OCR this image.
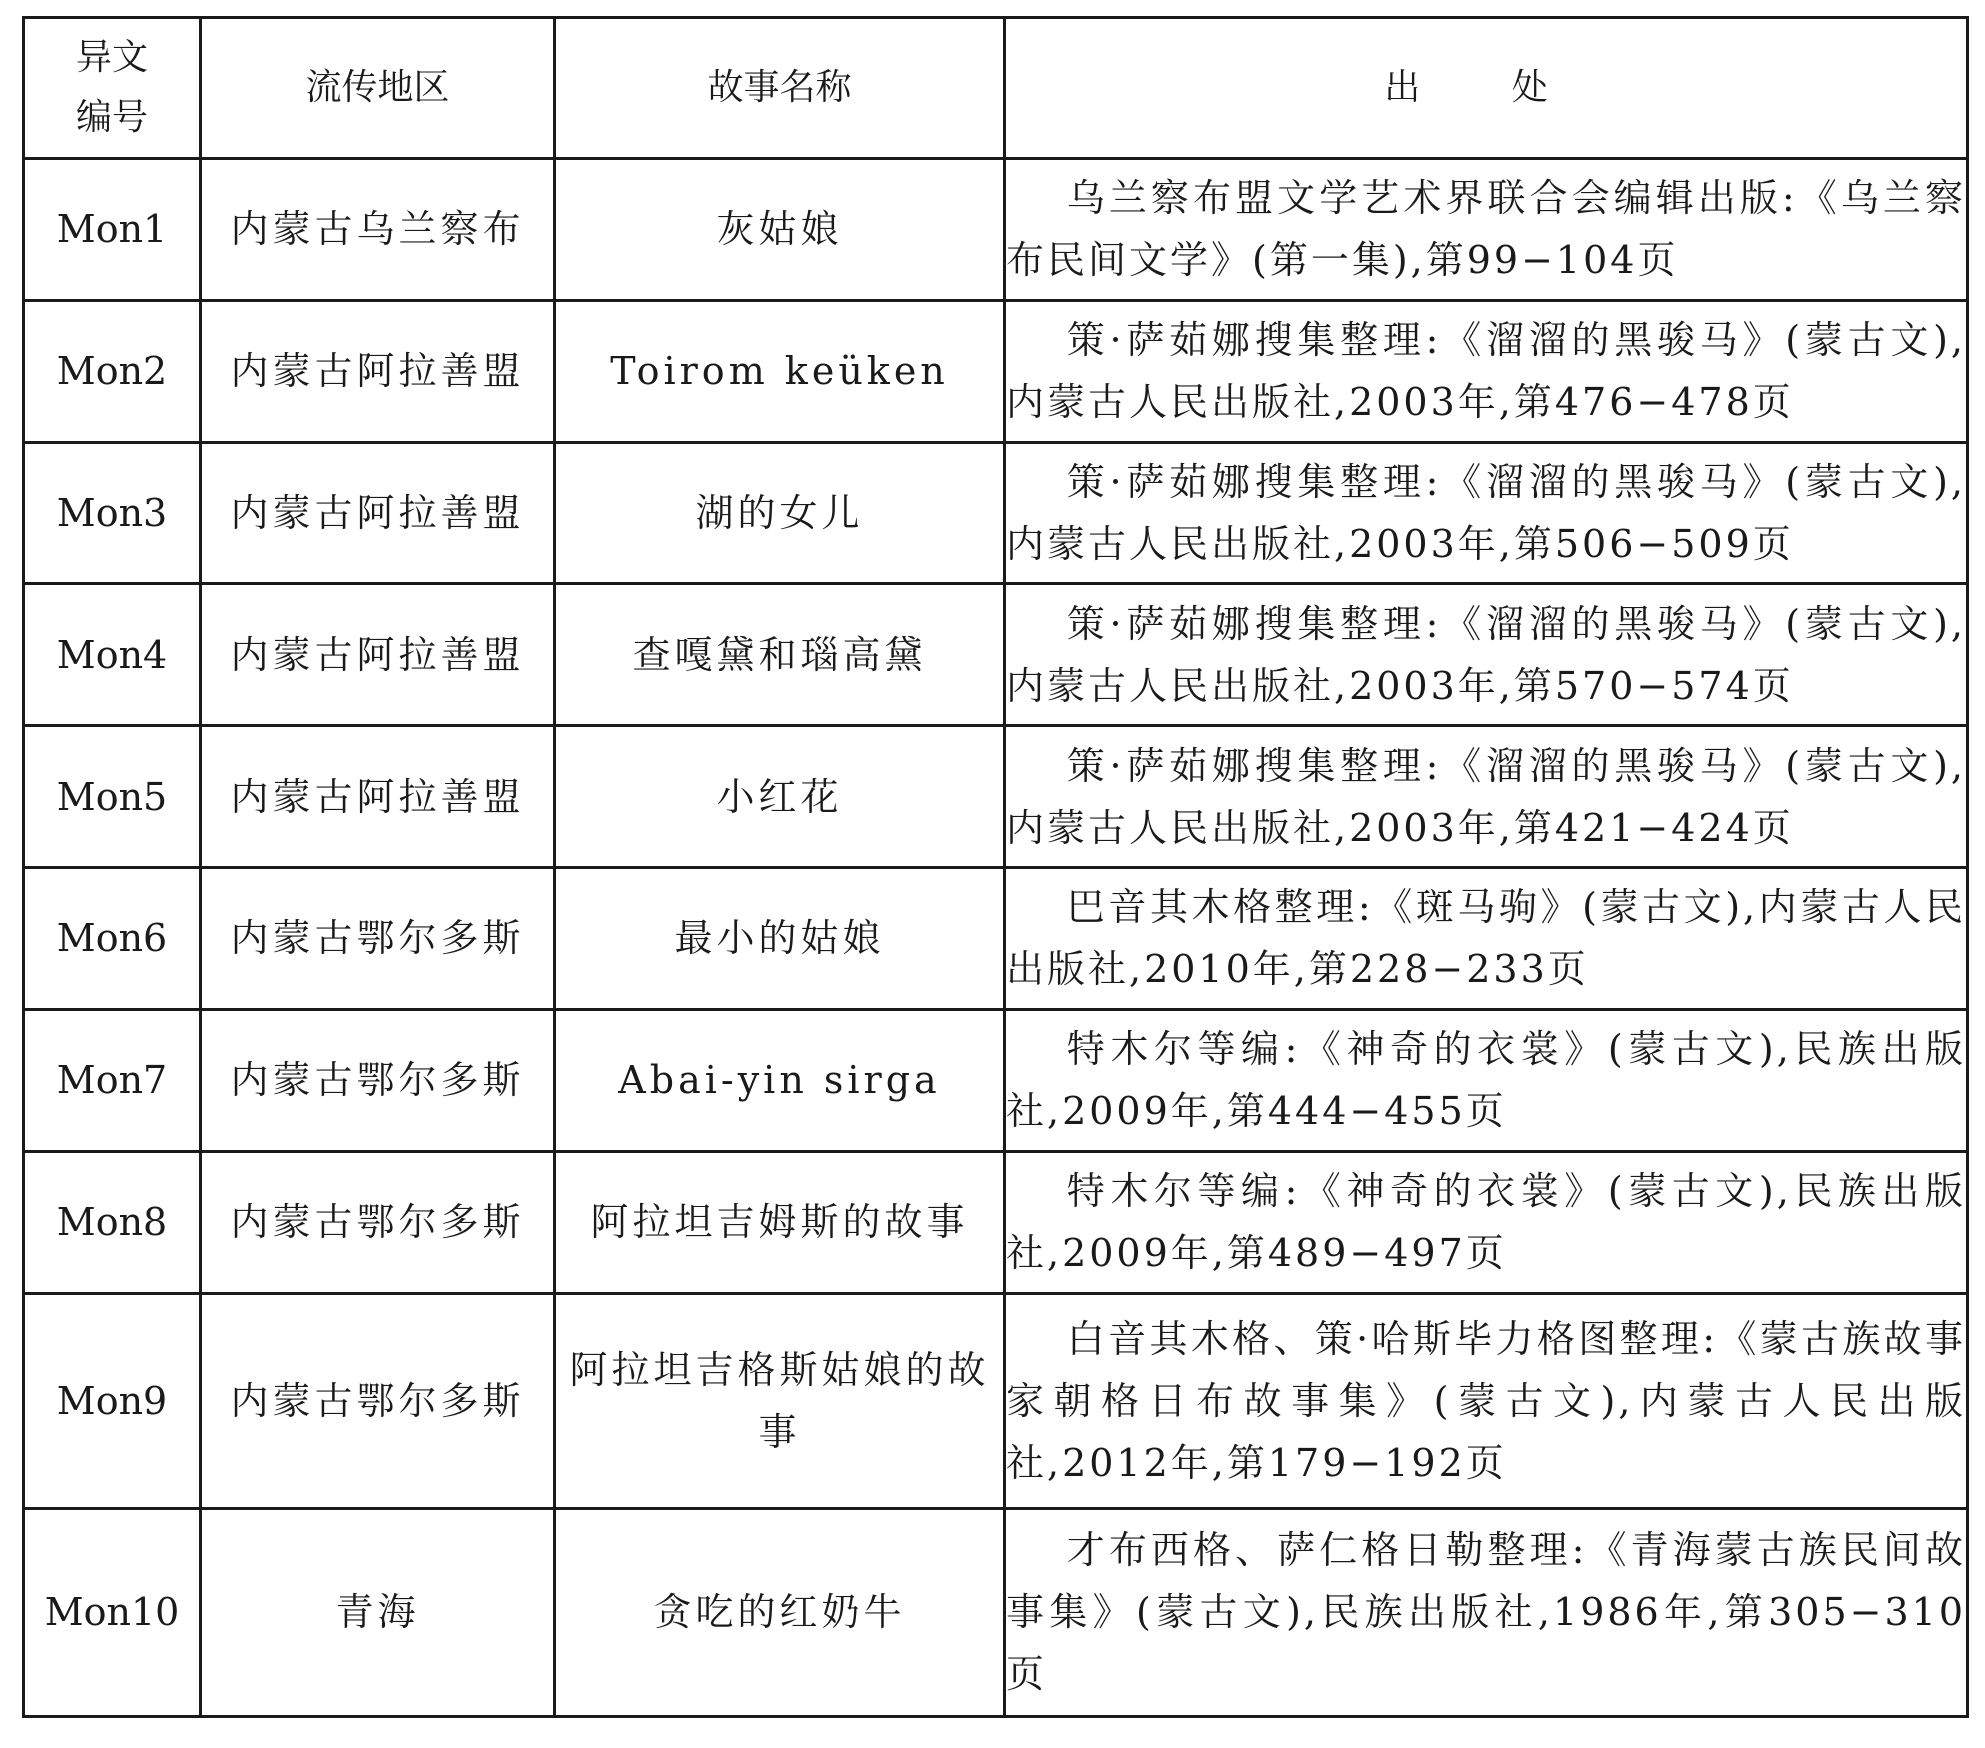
异文
编号	流传地区	故事名称	出 处
Mon1	内蒙古乌兰察布	灰姑娘	乌兰察布盟文学艺术界联合会编辑出版:《乌兰察布民间文学》(第一集),第99−104页
Mon2	内蒙古阿拉善盟	Toirom keüken	策·萨茹娜搜集整理:《溜溜的黑骏马》(蒙古文),内蒙古人民出版社,2003年,第476−478页
Mon3	内蒙古阿拉善盟	湖的女儿	策·萨茹娜搜集整理:《溜溜的黑骏马》(蒙古文),内蒙古人民出版社,2003年,第506−509页
Mon4	内蒙古阿拉善盟	查嘎黛和瑙高黛	策·萨茹娜搜集整理:《溜溜的黑骏马》(蒙古文),内蒙古人民出版社,2003年,第570−574页
Mon5	内蒙古阿拉善盟	小红花	策·萨茹娜搜集整理:《溜溜的黑骏马》(蒙古文),内蒙古人民出版社,2003年,第421−424页
Mon6	内蒙古鄂尔多斯	最小的姑娘	巴音其木格整理:《斑马驹》(蒙古文),内蒙古人民出版社,2010年,第228−233页
Mon7	内蒙古鄂尔多斯	Abai-yin sirga	特木尔等编:《神奇的衣裳》(蒙古文),民族出版社,2009年,第444−455页
Mon8	内蒙古鄂尔多斯	阿拉坦吉姆斯的故事	特木尔等编:《神奇的衣裳》(蒙古文),民族出版社,2009年,第489−497页
Mon9	内蒙古鄂尔多斯	阿拉坦吉格斯姑娘的故事	白音其木格、策·哈斯毕力格图整理:《蒙古族故事家朝格日布故事集》(蒙古文),内蒙古人民出版社,2012年,第179−192页
Mon10	青海	贪吃的红奶牛	才布西格、萨仁格日勒整理:《青海蒙古族民间故事集》(蒙古文),民族出版社,1986年,第305−310页
